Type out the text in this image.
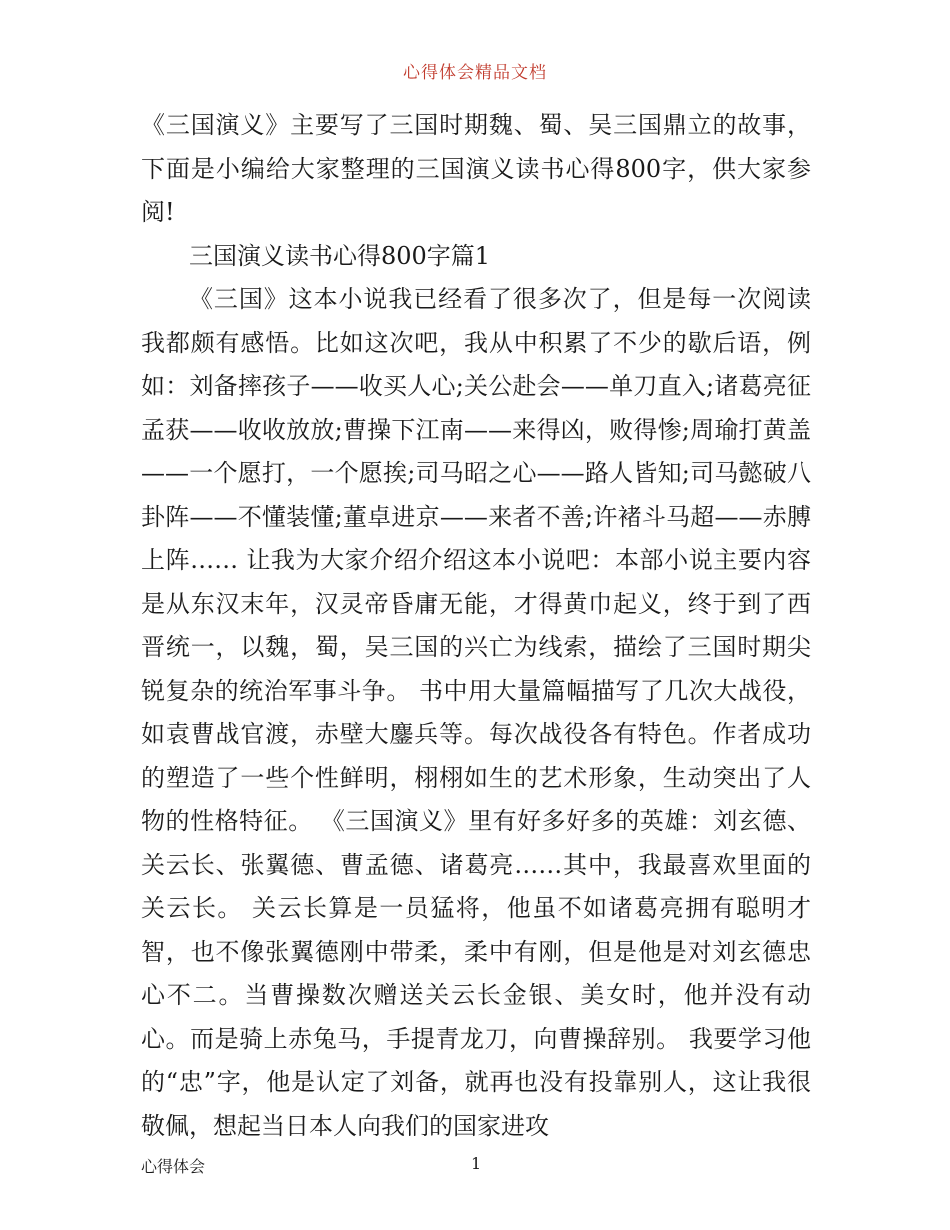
心得体会精品文档

《三国演义》主要写了三国时期魏、蜀、吴三国鼎立的故事，下面是小编给大家整理的三国演义读书心得800字，供大家参阅!

三国演义读书心得800字篇1

《三国》这本小说我已经看了很多次了，但是每一次阅读我都颇有感悟。比如这次吧，我从中积累了不少的歇后语，例如：刘备摔孩子——收买人心;关公赴会——单刀直入;诸葛亮征孟获——收收放放;曹操下江南——来得凶，败得惨;周瑜打黄盖——一个愿打，一个愿挨;司马昭之心——路人皆知;司马懿破八卦阵——不懂装懂;董卓进京——来者不善;许褚斗马超——赤膊上阵…… 让我为大家介绍介绍这本小说吧：本部小说主要内容是从东汉末年，汉灵帝昏庸无能，才得黄巾起义，终于到了西晋统一，以魏，蜀，吴三国的兴亡为线索，描绘了三国时期尖锐复杂的统治军事斗争。 书中用大量篇幅描写了几次大战役，如袁曹战官渡，赤壁大鏖兵等。每次战役各有特色。作者成功的塑造了一些个性鲜明，栩栩如生的艺术形象，生动突出了人物的性格特征。 《三国演义》里有好多好多的英雄：刘玄德、关云长、张翼德、曹孟德、诸葛亮……其中，我最喜欢里面的关云长。 关云长算是一员猛将，他虽不如诸葛亮拥有聪明才智，也不像张翼德刚中带柔，柔中有刚，但是他是对刘玄德忠心不二。当曹操数次赠送关云长金银、美女时，他并没有动心。而是骑上赤兔马，手提青龙刀，向曹操辞别。 我要学习他的“忠”字，他是认定了刘备，就再也没有投靠别人，这让我很敬佩，想起当日本人向我们的国家进攻

心得体会	1
